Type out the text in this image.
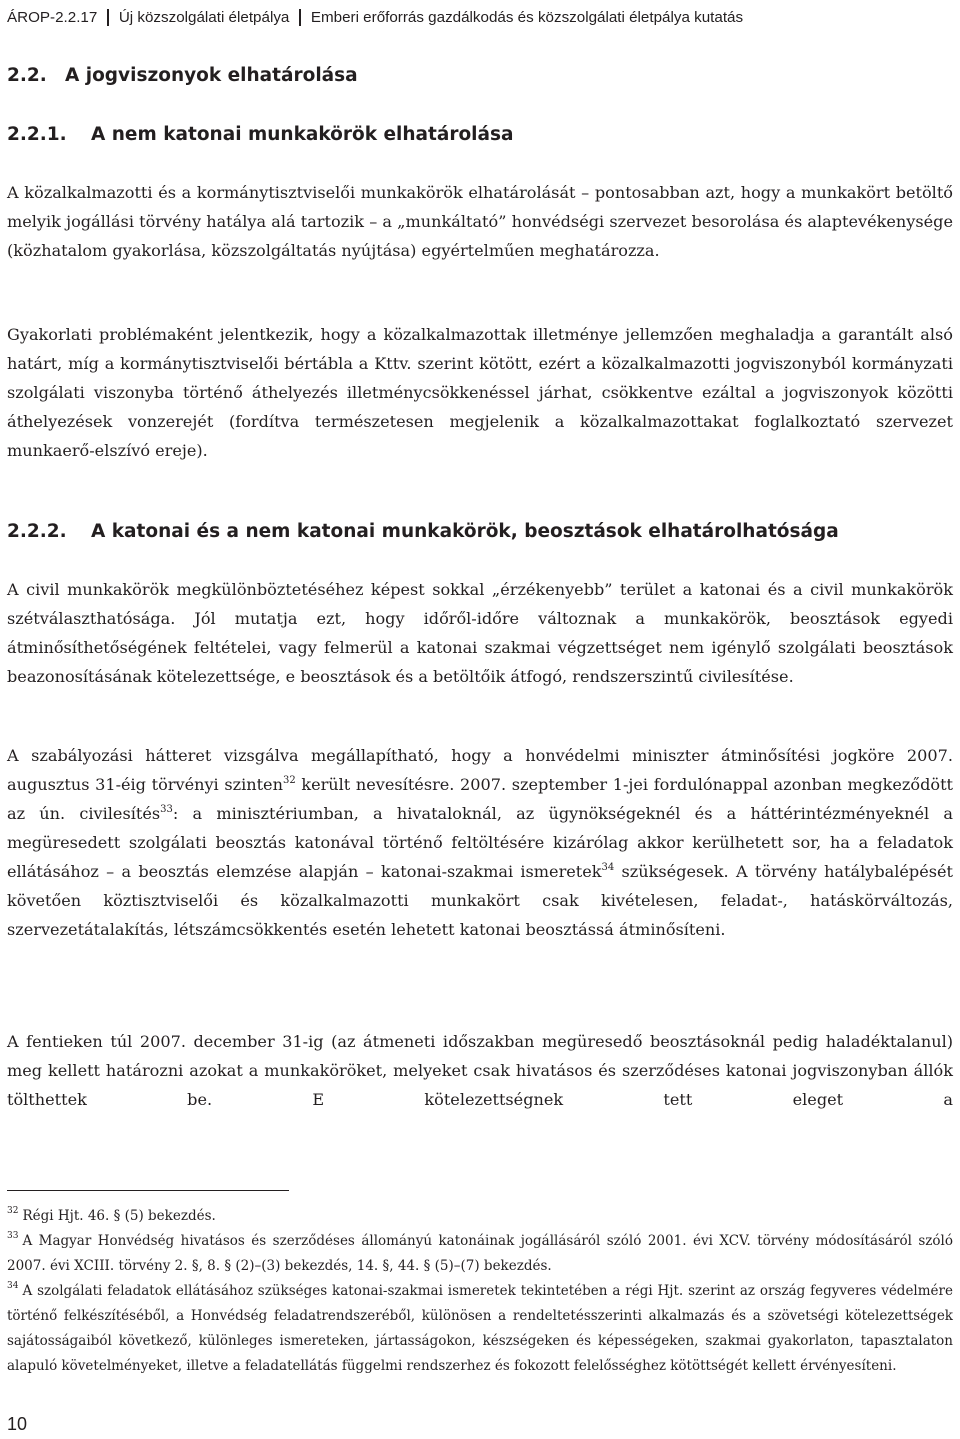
ÁROP-2.2.17 Új közszolgálati életpálya Emberi erőforrás gazdálkodás és közszolgálati életpálya kutatás
2.2. A jogviszonyok elhatárolása
2.2.1. A nem katonai munkakörök elhatárolása

A közalkalmazotti és a kormánytisztviselői munkakörök elhatárolását – pontosabban azt, hogy a munkakört betöltő melyik jogállási törvény hatálya alá tartozik – a „munkáltató” honvédségi szervezet besorolása és alaptevékenysége (közhatalom gyakorlása, közszolgáltatás nyújtása) egyértelműen meghatározza.

Gyakorlati problémaként jelentkezik, hogy a közalkalmazottak illetménye jellemzően meghaladja a garantált alsó határt, míg a kormánytisztviselői bértábla a Kttv. szerint kötött, ezért a közalkalmazotti jogviszonyból kormányzati szolgálati viszonyba történő áthelyezés illetménycsökkenéssel járhat, csökkentve ezáltal a jogviszonyok közötti áthelyezések vonzerejét (fordítva természetesen megjelenik a közalkalmazottakat foglalkoztató szervezet munkaerő-elszívó ereje).

2.2.2. A katonai és a nem katonai munkakörök, beosztások elhatárolhatósága

A civil munkakörök megkülönböztetéséhez képest sokkal „érzékenyebb” terület a katonai és a civil munkakörök szétválaszthatósága. Jól mutatja ezt, hogy időről-időre változnak a munkakörök, beosztások egyedi átminősíthetőségének feltételei, vagy felmerül a katonai szakmai végzettséget nem igénylő szolgálati beosztások beazonosításának kötelezettsége, e beosztások és a betöltőik átfogó, rendszerszintű civilesítése.

A szabályozási hátteret vizsgálva megállapítható, hogy a honvédelmi miniszter átminősítési jogköre 2007. augusztus 31-éig törvényi szinten$^{32}$ került nevesítésre. 2007. szeptember 1-jei fordulónappal azonban megkeződött az ún. civilesítés$^{33}$: a minisztériumban, a hivataloknál, az ügynökségeknél és a háttérintézményeknél a megüresedett szolgálati beosztás katonával történő feltöltésére kizárólag akkor kerülhetett sor, ha a feladatok ellátásához – a beosztás elemzése alapján – katonai-szakmai ismeretek$^{34}$ szükségesek. A törvény hatálybalépését követően köztisztviselői és közalkalmazotti munkakört csak kivételesen, feladat-, hatáskörváltozás, szervezetátalakítás, létszámcsökkentés esetén lehetett katonai beosztássá átminősíteni.

A fentieken túl 2007. december 31-ig (az átmeneti időszakban megüresedő beosztásoknál pedig haladéktalanul) meg kellett határozni azokat a munkaköröket, melyeket csak hivatásos és szerződéses katonai jogviszonyban állók tölthettek be. E kötelezettségnek tett eleget a

$^{32}$ Régi Hjt. 46. § (5) bekezdés.

$^{33}$ A Magyar Honvédség hivatásos és szerződéses állományú katonáinak jogállásáról szóló 2001. évi XCV. törvény módosításáról szóló 2007. évi XCIII. törvény 2. §, 8. § (2)–(3) bekezdés, 14. §, 44. § (5)–(7) bekezdés.

$^{34}$ A szolgálati feladatok ellátásához szükséges katonai-szakmai ismeretek tekintetében a régi Hjt. szerint az ország fegyveres védelmére történő felkészítéséből, a Honvédség feladatrendszeréből, különösen a rendeltetésszerinti alkalmazás és a szövetségi kötelezettségek sajátosságaiból következő, különleges ismereteken, jártasságokon, készségeken és képességeken, szakmai gyakorlaton, tapasztalaton alapuló követelményeket, illetve a feladatellátás függelmi rendszerhez és fokozott felelősséghez kötöttségét kellett érvényesíteni.

10
